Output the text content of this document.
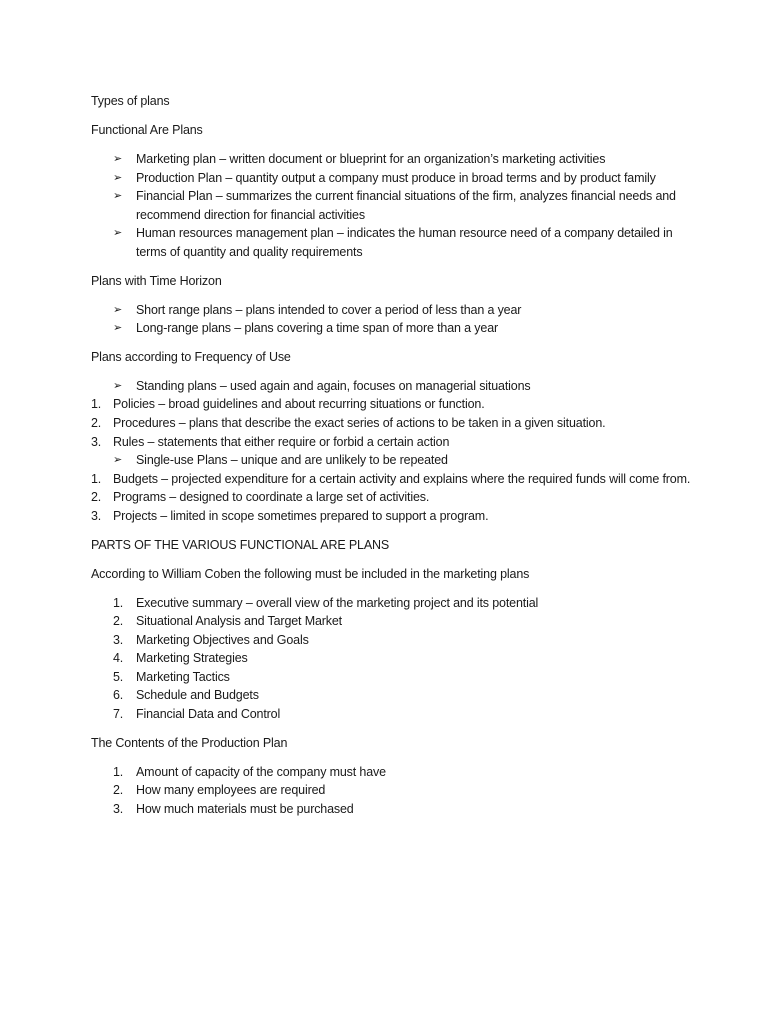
Types of plans

Functional Are Plans

➢ Marketing plan – written document or blueprint for an organization’s marketing activities
➢ Production Plan – quantity output a company must produce in broad terms and by product family
➢ Financial Plan – summarizes the current financial situations of the firm, analyzes financial needs and recommend direction for financial activities
➢ Human resources management plan – indicates the human resource need of a company detailed in terms of quantity and quality requirements

Plans with Time Horizon

➢ Short range plans – plans intended to cover a period of less than a year
➢ Long-range plans – plans covering a time span of more than a year

Plans according to Frequency of Use

➢ Standing plans – used again and again, focuses on managerial situations
1. Policies – broad guidelines and about recurring situations or function.
2. Procedures – plans that describe the exact series of actions to be taken in a given situation.
3. Rules – statements that either require or forbid a certain action
➢ Single-use Plans – unique and are unlikely to be repeated
1. Budgets – projected expenditure for a certain activity and explains where the required funds will come from.
2. Programs – designed to coordinate a large set of activities.
3. Projects – limited in scope sometimes prepared to support a program.

PARTS OF THE VARIOUS FUNCTIONAL ARE PLANS

According to William Coben the following must be included in the marketing plans

1. Executive summary – overall view of the marketing project and its potential
2. Situational Analysis and Target Market
3. Marketing Objectives and Goals
4. Marketing Strategies
5. Marketing Tactics
6. Schedule and Budgets
7. Financial Data and Control

The Contents of the Production Plan

1. Amount of capacity of the company must have
2. How many employees are required
3. How much materials must be purchased
